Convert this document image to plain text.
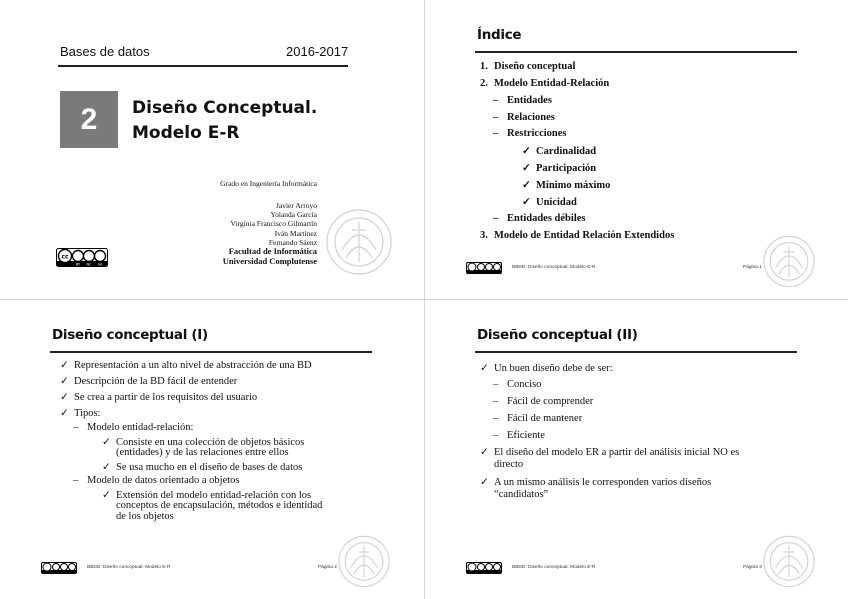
Bases de datos	2016-2017
2 Diseño Conceptual.
Modelo E-R
Grado en Ingeniería Informática
Javier Arroyo
Yolanda García
Virginia Francisco Gilmartín
Iván Martínez
Fernando Sáenz
Facultad de Informática
Universidad Complutense
cc
BY NC SA
Índice
1. Diseño conceptual
2. Modelo Entidad-Relación
– Entidades
– Relaciones
– Restricciones
✓ Cardinalidad
✓ Participación
✓ Mínimo máximo
✓ Unicidad
– Entidades débiles
3. Modelo de Entidad Relación Extendidos
BBDD: Diseño conceptual. Modelo E-R	Página 1
Diseño conceptual (I)
✓ Representación a un alto nivel de abstracción de una BD
✓ Descripción de la BD fácil de entender
✓ Se crea a partir de los requisitos del usuario
✓ Tipos:
– Modelo entidad-relación:
✓ Consiste en una colección de objetos básicos
(entidades) y de las relaciones entre ellos
✓ Se usa mucho en el diseño de bases de datos
– Modelo de datos orientado a objetos
✓ Extensión del modelo entidad-relación con los
conceptos de encapsulación, métodos e identidad
de los objetos
BBDD: Diseño conceptual. Modelo E-R	Página 2
Diseño conceptual (II)
✓ Un buen diseño debe de ser:
– Conciso
– Fácil de comprender
– Fácil de mantener
– Eficiente
✓ El diseño del modelo ER a partir del análisis inicial NO es
directo
✓ A un mismo análisis le corresponden varios diseños
“candidatos”
BBDD: Diseño conceptual. Modelo E-R	Página 3
